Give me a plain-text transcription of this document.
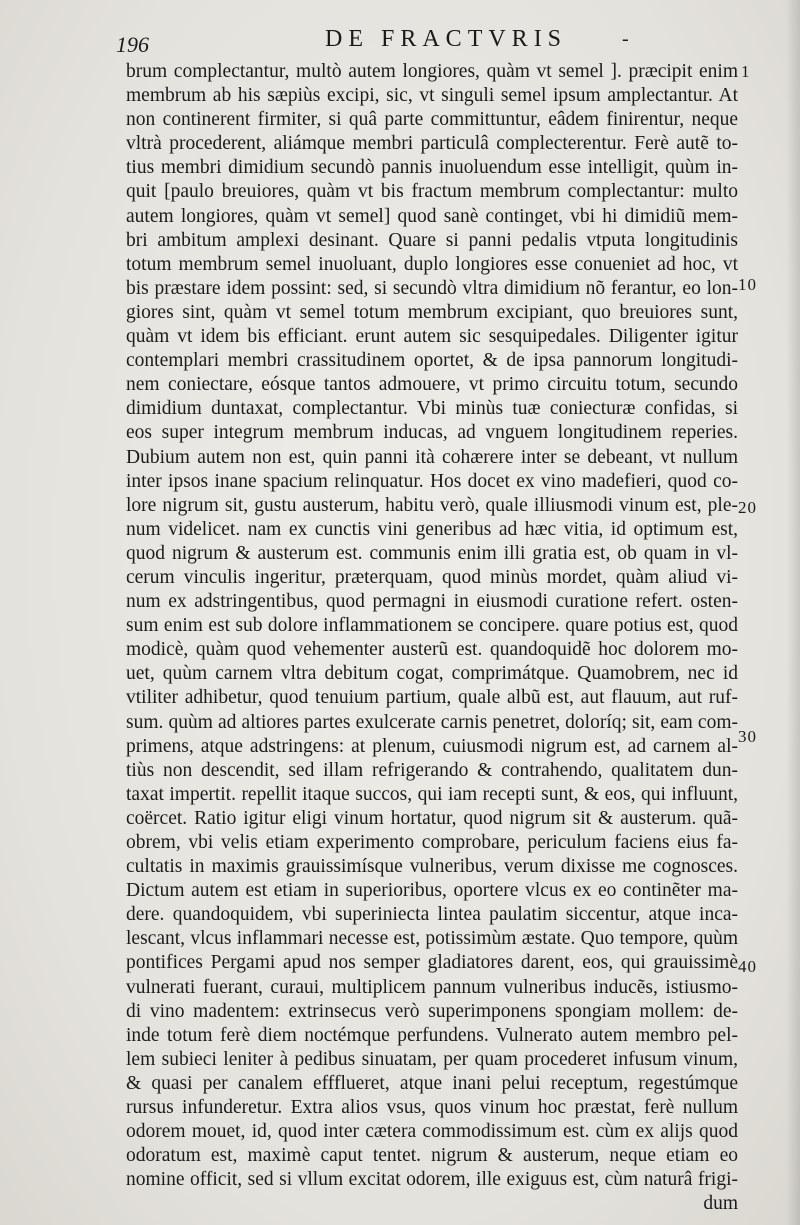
196	DE FRACTVRIS	-
brum complectantur, multò autem longiores, quàm vt semel ]. præcipit enim
membrum ab his sæpiùs excipi, sic, vt singuli semel ipsum amplectantur. At
non continerent firmiter, si quâ parte committuntur, eâdem finirentur, neque
vltrà procederent, aliámque membri particulâ complecterentur. Ferè autẽ to-
tius membri dimidium secundò pannis inuoluendum esse intelligit, quùm in-
quit [paulo breuiores, quàm vt bis fractum membrum complectantur: multo
autem longiores, quàm vt semel] quod sanè continget, vbi hi dimidiũ mem-
bri ambitum amplexi desinant. Quare si panni pedalis vtputa longitudinis
totum membrum semel inuoluant, duplo longiores esse conueniet ad hoc, vt
bis præstare idem possint: sed, si secundò vltra dimidium nõ ferantur, eo lon-
giores sint, quàm vt semel totum membrum excipiant, quo breuiores sunt,
quàm vt idem bis efficiant. erunt autem sic sesquipedales. Diligenter igitur
contemplari membri crassitudinem oportet, & de ipsa pannorum longitudi-
nem coniectare, eósque tantos admouere, vt primo circuitu totum, secundo
dimidium duntaxat, complectantur. Vbi minùs tuæ coniecturæ confidas, si
eos super integrum membrum inducas, ad vnguem longitudinem reperies.
Dubium autem non est, quin panni ità cohærere inter se debeant, vt nullum
inter ipsos inane spacium relinquatur. Hos docet ex vino madefieri, quod co-
lore nigrum sit, gustu austerum, habitu verò, quale illiusmodi vinum est, ple-
num videlicet. nam ex cunctis vini generibus ad hæc vitia, id optimum est,
quod nigrum & austerum est. communis enim illi gratia est, ob quam in vl-
cerum vinculis ingeritur, præterquam, quod minùs mordet, quàm aliud vi-
num ex adstringentibus, quod permagni in eiusmodi curatione refert. osten-
sum enim est sub dolore inflammationem se concipere. quare potius est, quod
modicè, quàm quod vehementer austerũ est. quandoquidẽ hoc dolorem mo-
uet, quùm carnem vltra debitum cogat, comprimátque. Quamobrem, nec id
vtiliter adhibetur, quod tenuium partium, quale albũ est, aut flauum, aut ruf-
sum. quùm ad altiores partes exulcerate carnis penetret, doloríq; sit, eam com-
primens, atque adstringens: at plenum, cuiusmodi nigrum est, ad carnem al-
tiùs non descendit, sed illam refrigerando & contrahendo, qualitatem dun-
taxat impertit. repellit itaque succos, qui iam recepti sunt, & eos, qui influunt,
coërcet. Ratio igitur eligi vinum hortatur, quod nigrum sit & austerum. quã-
obrem, vbi velis etiam experimento comprobare, periculum faciens eius fa-
cultatis in maximis grauissimísque vulneribus, verum dixisse me cognosces.
Dictum autem est etiam in superioribus, oportere vlcus ex eo continẽter ma-
dere. quandoquidem, vbi superiniecta lintea paulatim siccentur, atque inca-
lescant, vlcus inflammari necesse est, potissimùm æstate. Quo tempore, quùm
pontifices Pergami apud nos semper gladiatores darent, eos, qui grauissimè
vulnerati fuerant, curaui, multiplicem pannum vulneribus inducẽs, istiusmo-
di vino madentem: extrinsecus verò superimponens spongiam mollem: de-
inde totum ferè diem noctémque perfundens. Vulnerato autem membro pel-
lem subieci leniter à pedibus sinuatam, per quam procederet infusum vinum,
& quasi per canalem effflueret, atque inani pelui receptum, regestúmque
rursus infunderetur. Extra alios vsus, quos vinum hoc præstat, ferè nullum
odorem mouet, id, quod inter cætera commodissimum est. cùm ex alijs quod
odoratum est, maximè caput tentet. nigrum & austerum, neque etiam eo
nomine officit, sed si vllum excitat odorem, ille exiguus est, cùm naturâ frigi-
dum
1
10
20
30
40
